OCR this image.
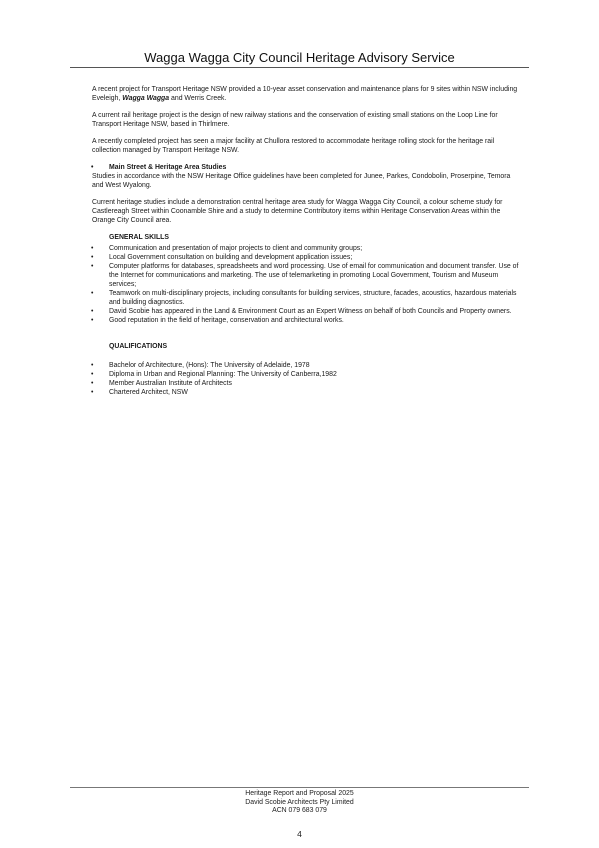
Wagga Wagga City Council Heritage Advisory Service

A recent project for Transport Heritage NSW provided a 10-year asset conservation and maintenance plans for 9 sites within NSW including Eveleigh, Wagga Wagga and Werris Creek.

A current rail heritage project is the design of new railway stations and the conservation of existing small stations on the Loop Line for Transport Heritage NSW, based in Thirlmere.

A recently completed project has seen a major facility at Chullora restored to accommodate heritage rolling stock for the heritage rail collection managed by Transport Heritage NSW.

• Main Street & Heritage Area Studies

Studies in accordance with the NSW Heritage Office guidelines have been completed for Junee, Parkes, Condobolin, Proserpine, Temora and West Wyalong.

Current heritage studies include a demonstration central heritage area study for Wagga Wagga City Council, a colour scheme study for Castlereagh Street within Coonamble Shire and a study to determine Contributory items within Heritage Conservation Areas within the Orange City Council area.

GENERAL SKILLS
• Communication and presentation of major projects to client and community groups;
• Local Government consultation on building and development application issues;
• Computer platforms for databases, spreadsheets and word processing. Use of email for communication and document transfer. Use of the Internet for communications and marketing. The use of telemarketing in promoting Local Government, Tourism and Museum services;
• Teamwork on multi-disciplinary projects, including consultants for building services, structure, facades, acoustics, hazardous materials and building diagnostics.
• David Scobie has appeared in the Land & Environment Court as an Expert Witness on behalf of both Councils and Property owners.
• Good reputation in the field of heritage, conservation and architectural works.
QUALIFICATIONS
• Bachelor of Architecture, (Hons): The University of Adelaide, 1978
• Diploma in Urban and Regional Planning: The University of Canberra,1982
• Member Australian Institute of Architects
• Chartered Architect, NSW
Heritage Report and Proposal 2025
David Scobie Architects Pty Limited
ACN 079 683 079
4
